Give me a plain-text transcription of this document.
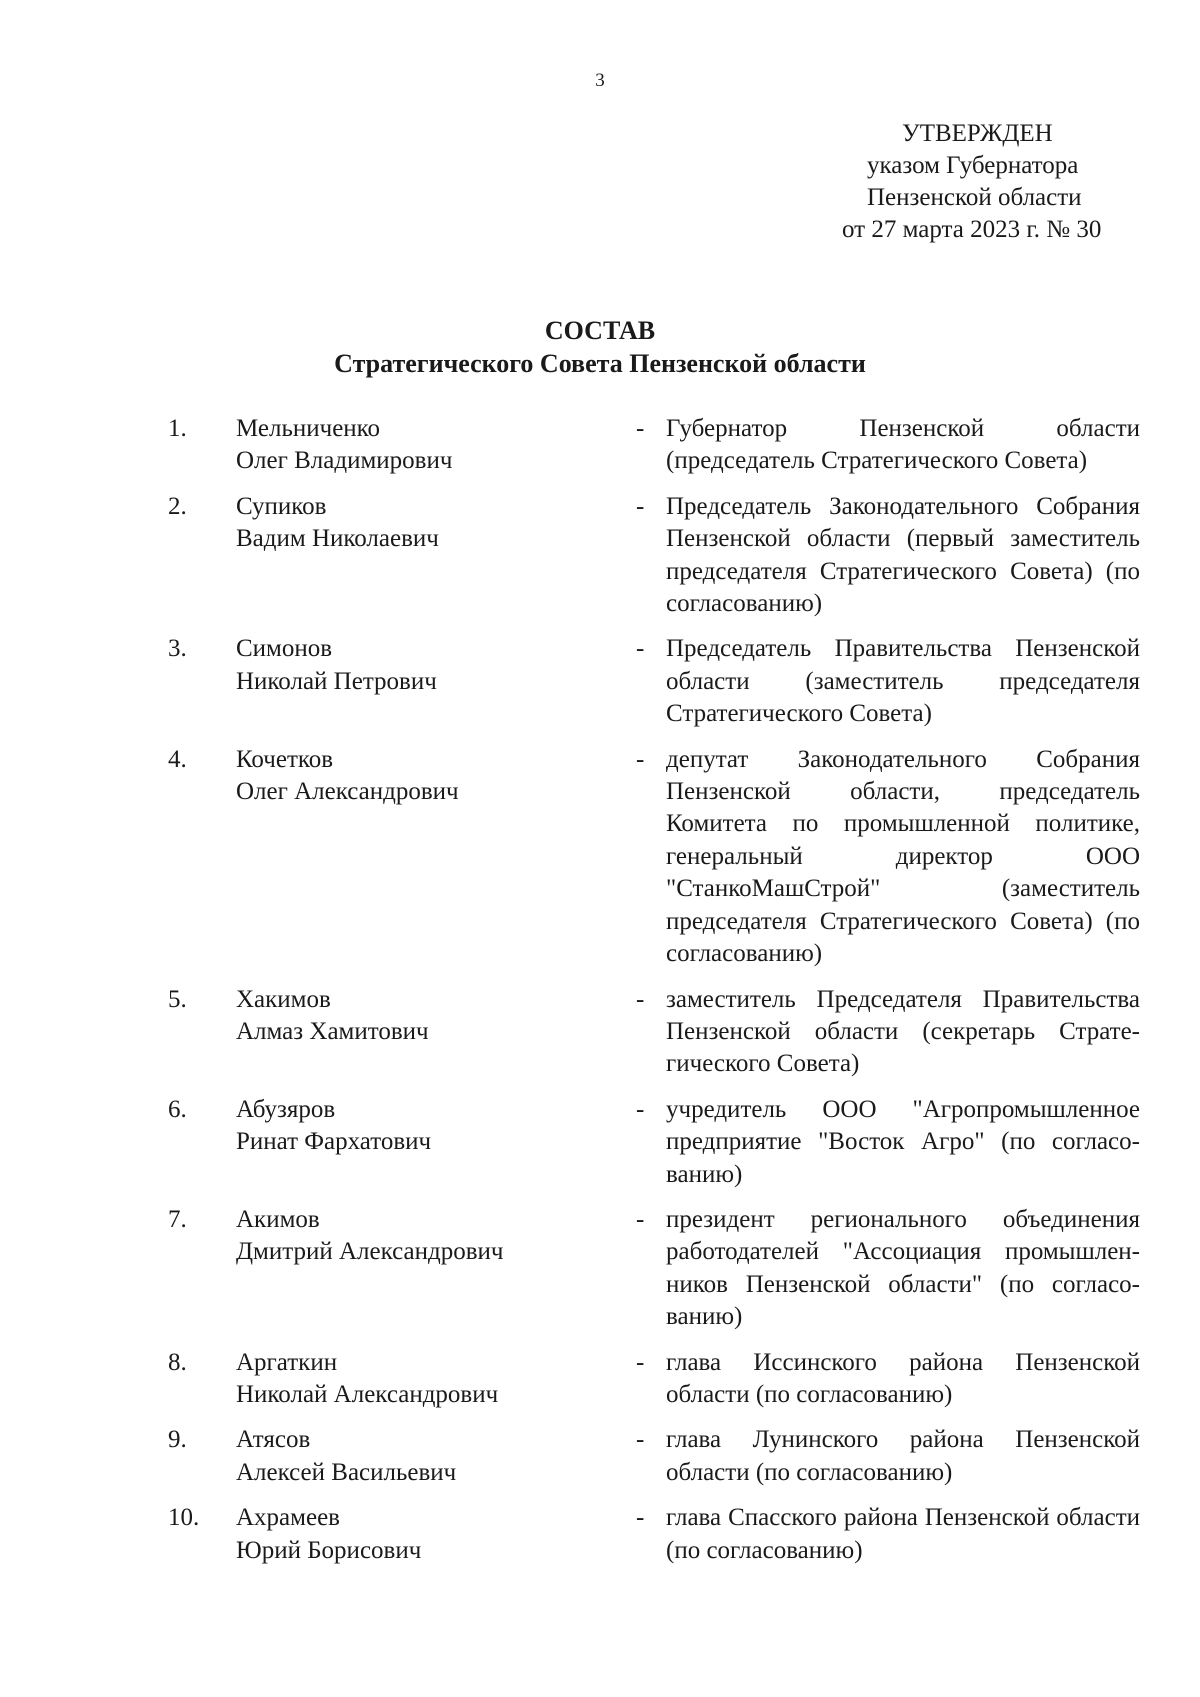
3
УТВЕРЖДЕН
указом Губернатора
Пензенской области
от 27 марта 2023 г. № 30
СОСТАВ
Стратегического Совета Пензенской области
1.	Мельниченко
Олег Владимирович
- Губернатор Пензенской области (председатель Стратегического Совета)
2.	Супиков
Вадим Николаевич
- Председатель Законодательного Собрания Пензенской области (первый заместитель председателя Стратегического Совета) (по согласованию)
3.	Симонов
Николай Петрович
- Председатель Правительства Пензенской области (заместитель председателя Стратегического Совета)
4.	Кочетков
Олег Александрович
- депутат Законодательного Собрания Пензенской области, председатель Комитета по промышленной политике, генеральный директор ООО "СтанкоМашСтрой" (заместитель председателя Стратегического Совета) (по согласованию)
5.	Хакимов
Алмаз Хамитович
- заместитель Председателя Правительства Пензенской области (секретарь Стратегического Совета)
6.	Абузяров
Ринат Фархатович
- учредитель ООО "Агропромышленное предприятие "Восток Агро" (по согласованию)
7.	Акимов
Дмитрий Александрович
- президент регионального объединения работодателей "Ассоциация промышленников Пензенской области" (по согласованию)
8.	Аргаткин
Николай Александрович
- глава Иссинского района Пензенской области (по согласованию)
9.	Атясов
Алексей Васильевич
- глава Лунинского района Пензенской области (по согласованию)
10.	Ахрамеев
Юрий Борисович
- глава Спасского района Пензенской области (по согласованию)
